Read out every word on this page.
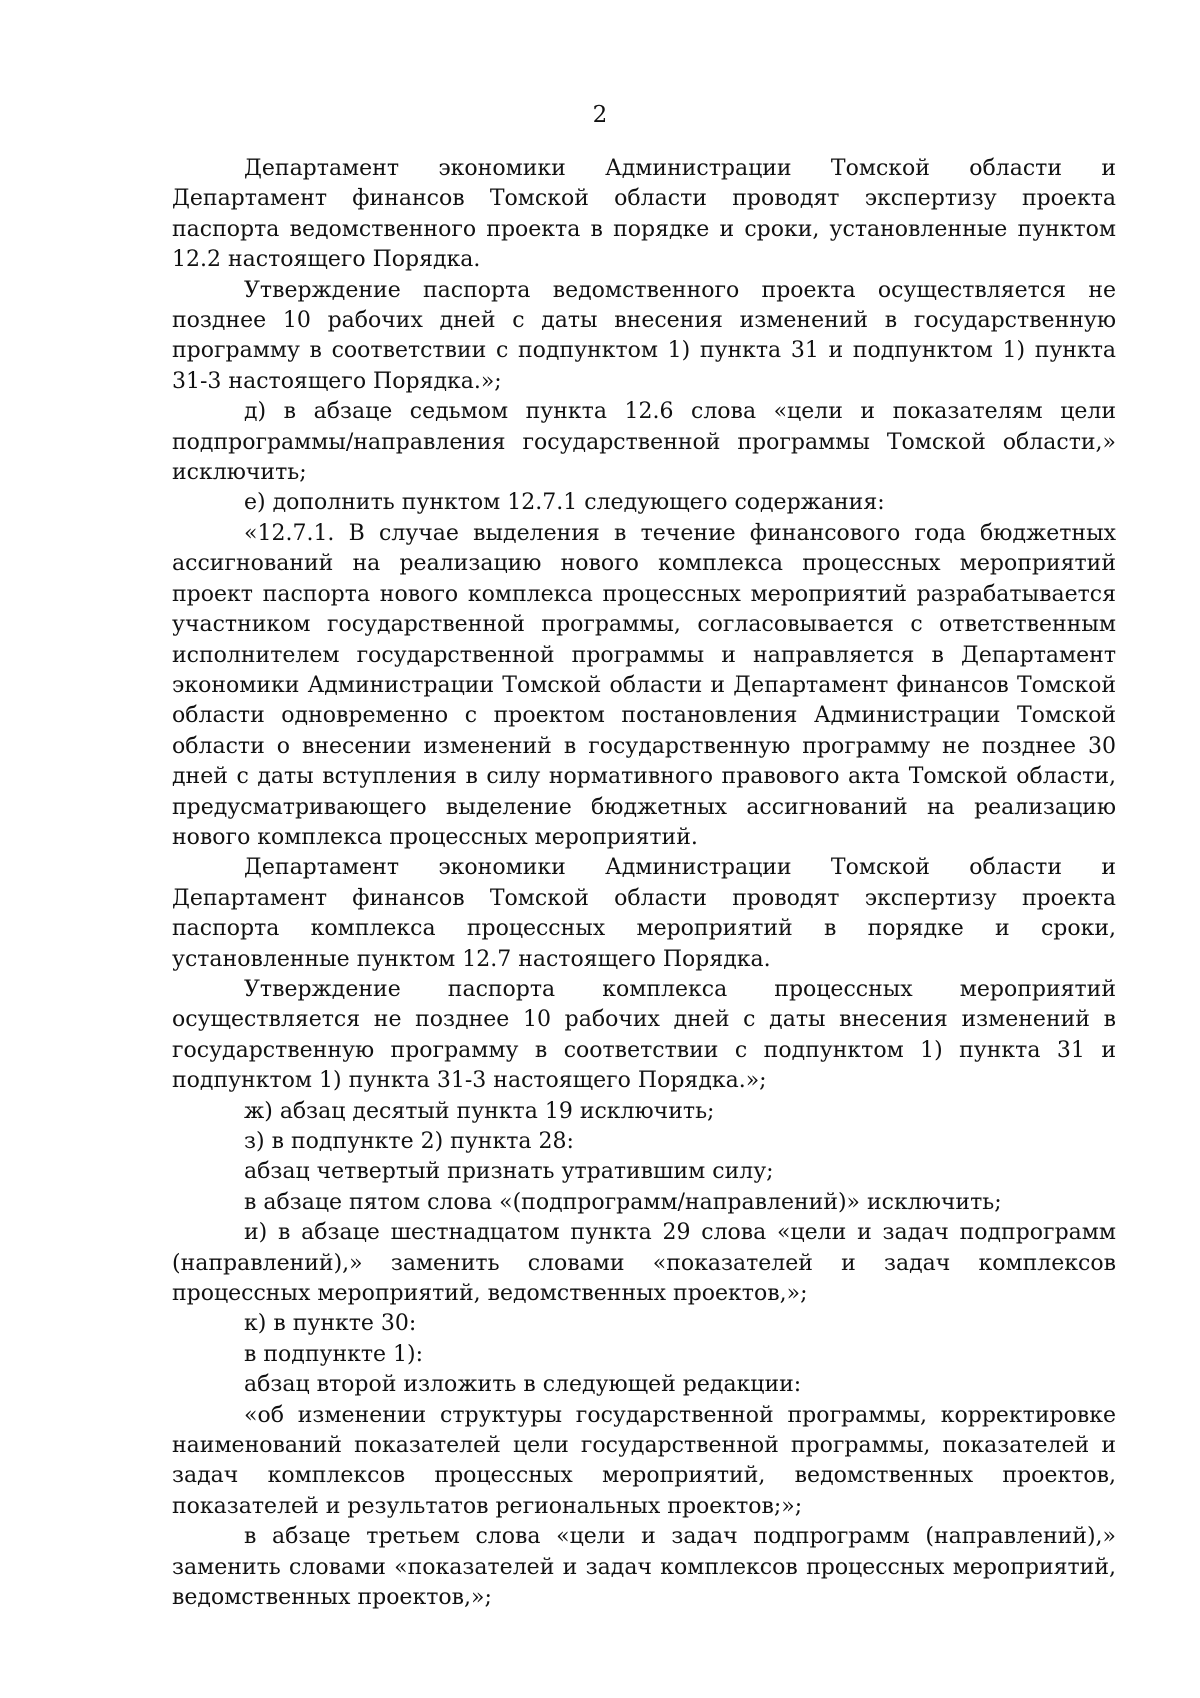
2

Департамент экономики Администрации Томской области и Департамент финансов Томской области проводят экспертизу проекта паспорта ведомственного проекта в порядке и сроки, установленные пунктом 12.2 настоящего Порядка.

Утверждение паспорта ведомственного проекта осуществляется не позднее 10 рабочих дней с даты внесения изменений в государственную программу в соответствии с подпунктом 1) пункта 31 и подпунктом 1) пункта 31-3 настоящего Порядка.»;

д) в абзаце седьмом пункта 12.6 слова «цели и показателям цели подпрограммы/направления государственной программы Томской области,» исключить;

е) дополнить пунктом 12.7.1 следующего содержания:

«12.7.1. В случае выделения в течение финансового года бюджетных ассигнований на реализацию нового комплекса процессных мероприятий проект паспорта нового комплекса процессных мероприятий разрабатывается участником государственной программы, согласовывается с ответственным исполнителем государственной программы и направляется в Департамент экономики Администрации Томской области и Департамент финансов Томской области одновременно с проектом постановления Администрации Томской области о внесении изменений в государственную программу не позднее 30 дней с даты вступления в силу нормативного правового акта Томской области, предусматривающего выделение бюджетных ассигнований на реализацию нового комплекса процессных мероприятий.

Департамент экономики Администрации Томской области и Департамент финансов Томской области проводят экспертизу проекта паспорта комплекса процессных мероприятий в порядке и сроки, установленные пунктом 12.7 настоящего Порядка.

Утверждение паспорта комплекса процессных мероприятий осуществляется не позднее 10 рабочих дней с даты внесения изменений в государственную программу в соответствии с подпунктом 1) пункта 31 и подпунктом 1) пункта 31-3 настоящего Порядка.»;

ж) абзац десятый пункта 19 исключить;

з) в подпункте 2) пункта 28:

абзац четвертый признать утратившим силу;

в абзаце пятом слова «(подпрограмм/направлений)» исключить;

и) в абзаце шестнадцатом пункта 29 слова «цели и задач подпрограмм (направлений),» заменить словами «показателей и задач комплексов процессных мероприятий, ведомственных проектов,»;

к) в пункте 30:

в подпункте 1):

абзац второй изложить в следующей редакции:

«об изменении структуры государственной программы, корректировке наименований показателей цели государственной программы, показателей и задач комплексов процессных мероприятий, ведомственных проектов, показателей и результатов региональных проектов;»;

в абзаце третьем слова «цели и задач подпрограмм (направлений),» заменить словами «показателей и задач комплексов процессных мероприятий, ведомственных проектов,»;
